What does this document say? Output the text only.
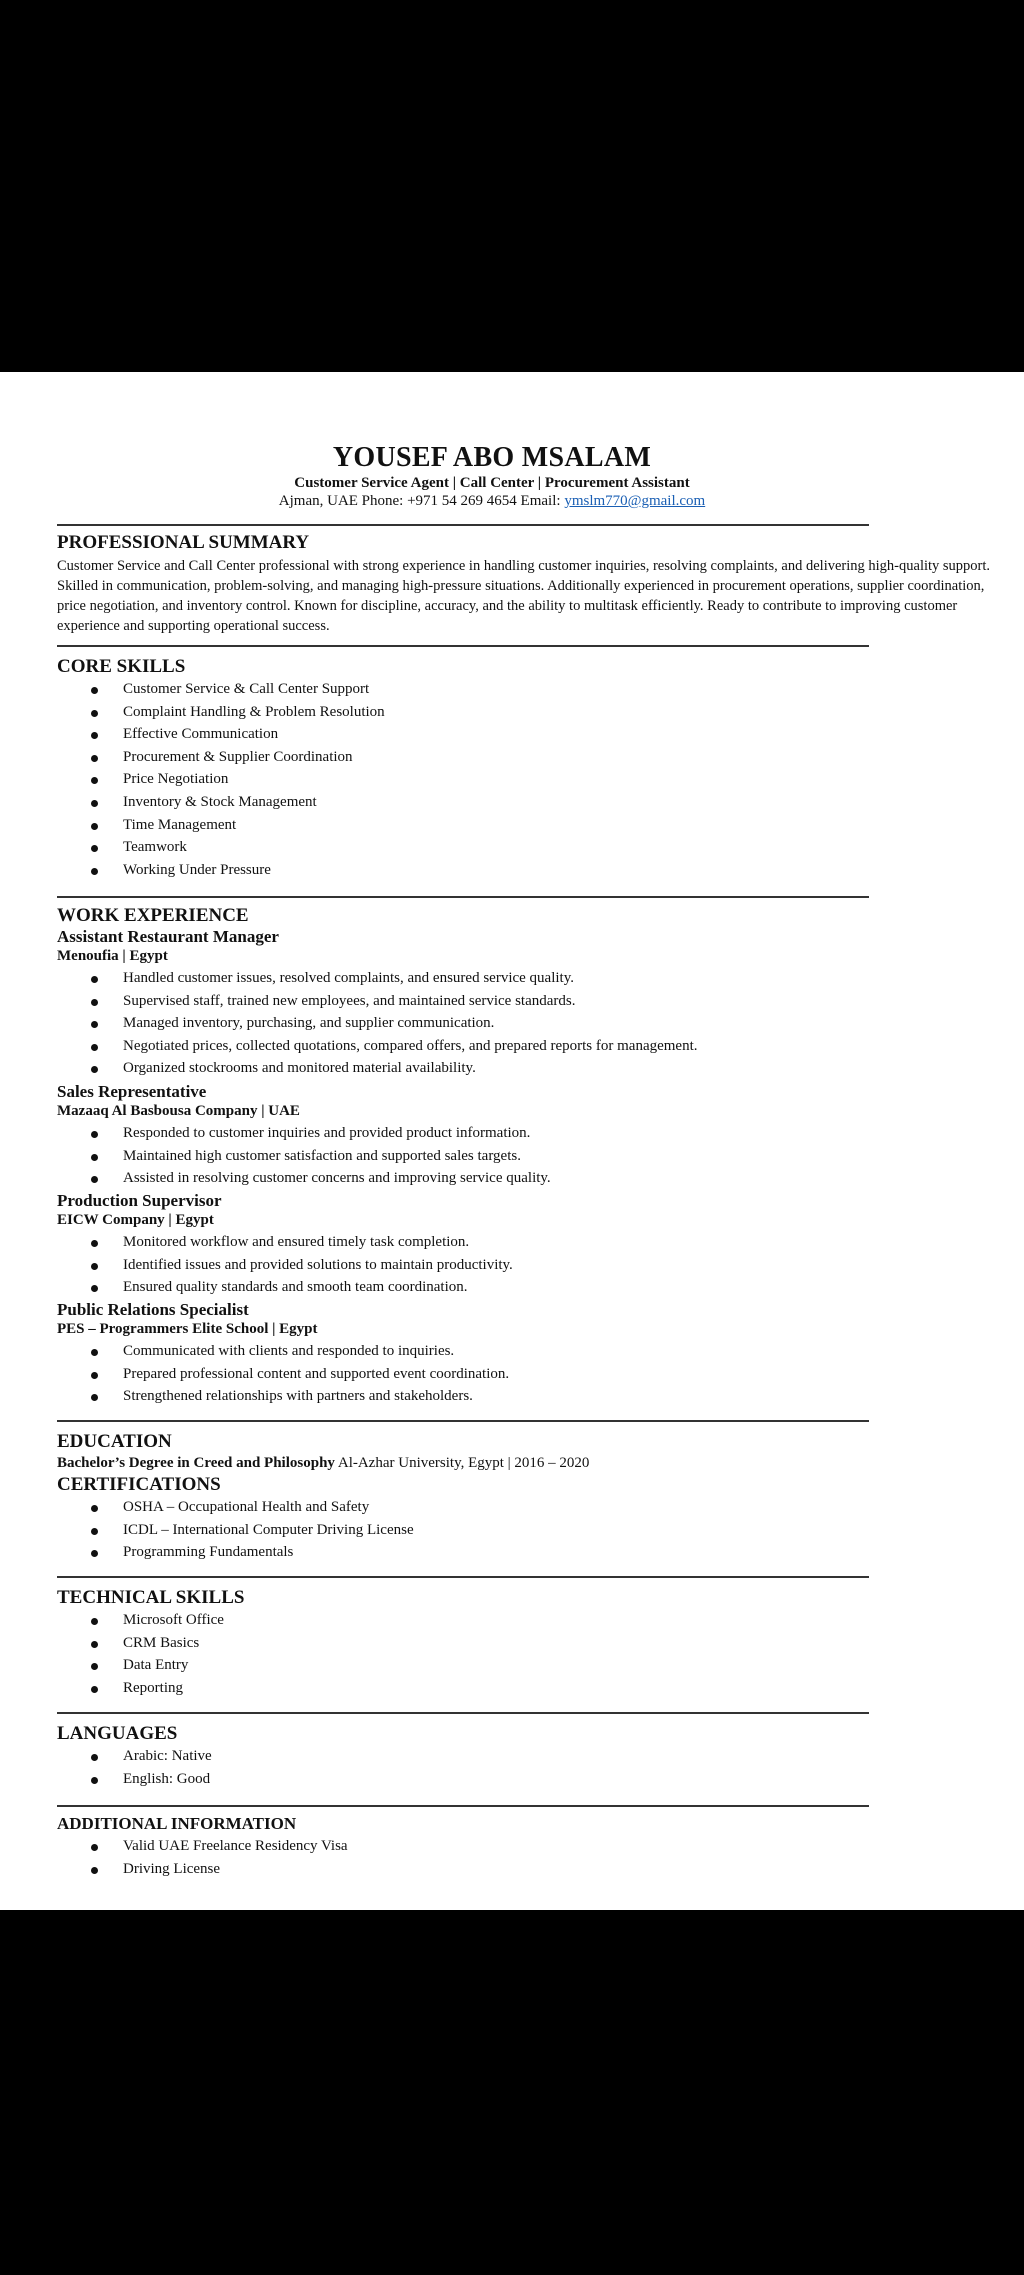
YOUSEF ABO MSALAM
Customer Service Agent | Call Center | Procurement Assistant
Ajman, UAE Phone: +971 54 269 4654 Email: ymslm770@gmail.com
PROFESSIONAL SUMMARY
Customer Service and Call Center professional with strong experience in handling customer inquiries, resolving complaints, and delivering high-quality support. Skilled in communication, problem-solving, and managing high-pressure situations. Additionally experienced in procurement operations, supplier coordination, price negotiation, and inventory control. Known for discipline, accuracy, and the ability to multitask efficiently. Ready to contribute to improving customer experience and supporting operational success.
CORE SKILLS
Customer Service & Call Center Support
Complaint Handling & Problem Resolution
Effective Communication
Procurement & Supplier Coordination
Price Negotiation
Inventory & Stock Management
Time Management
Teamwork
Working Under Pressure
WORK EXPERIENCE
Assistant Restaurant Manager
Menoufia | Egypt
Handled customer issues, resolved complaints, and ensured service quality.
Supervised staff, trained new employees, and maintained service standards.
Managed inventory, purchasing, and supplier communication.
Negotiated prices, collected quotations, compared offers, and prepared reports for management.
Organized stockrooms and monitored material availability.
Sales Representative
Mazaaq Al Basbousa Company | UAE
Responded to customer inquiries and provided product information.
Maintained high customer satisfaction and supported sales targets.
Assisted in resolving customer concerns and improving service quality.
Production Supervisor
EICW Company | Egypt
Monitored workflow and ensured timely task completion.
Identified issues and provided solutions to maintain productivity.
Ensured quality standards and smooth team coordination.
Public Relations Specialist
PES – Programmers Elite School | Egypt
Communicated with clients and responded to inquiries.
Prepared professional content and supported event coordination.
Strengthened relationships with partners and stakeholders.
EDUCATION
Bachelor’s Degree in Creed and Philosophy Al-Azhar University, Egypt | 2016 – 2020
CERTIFICATIONS
OSHA – Occupational Health and Safety
ICDL – International Computer Driving License
Programming Fundamentals
TECHNICAL SKILLS
Microsoft Office
CRM Basics
Data Entry
Reporting
LANGUAGES
Arabic: Native
English: Good
ADDITIONAL INFORMATION
Valid UAE Freelance Residency Visa
Driving License
